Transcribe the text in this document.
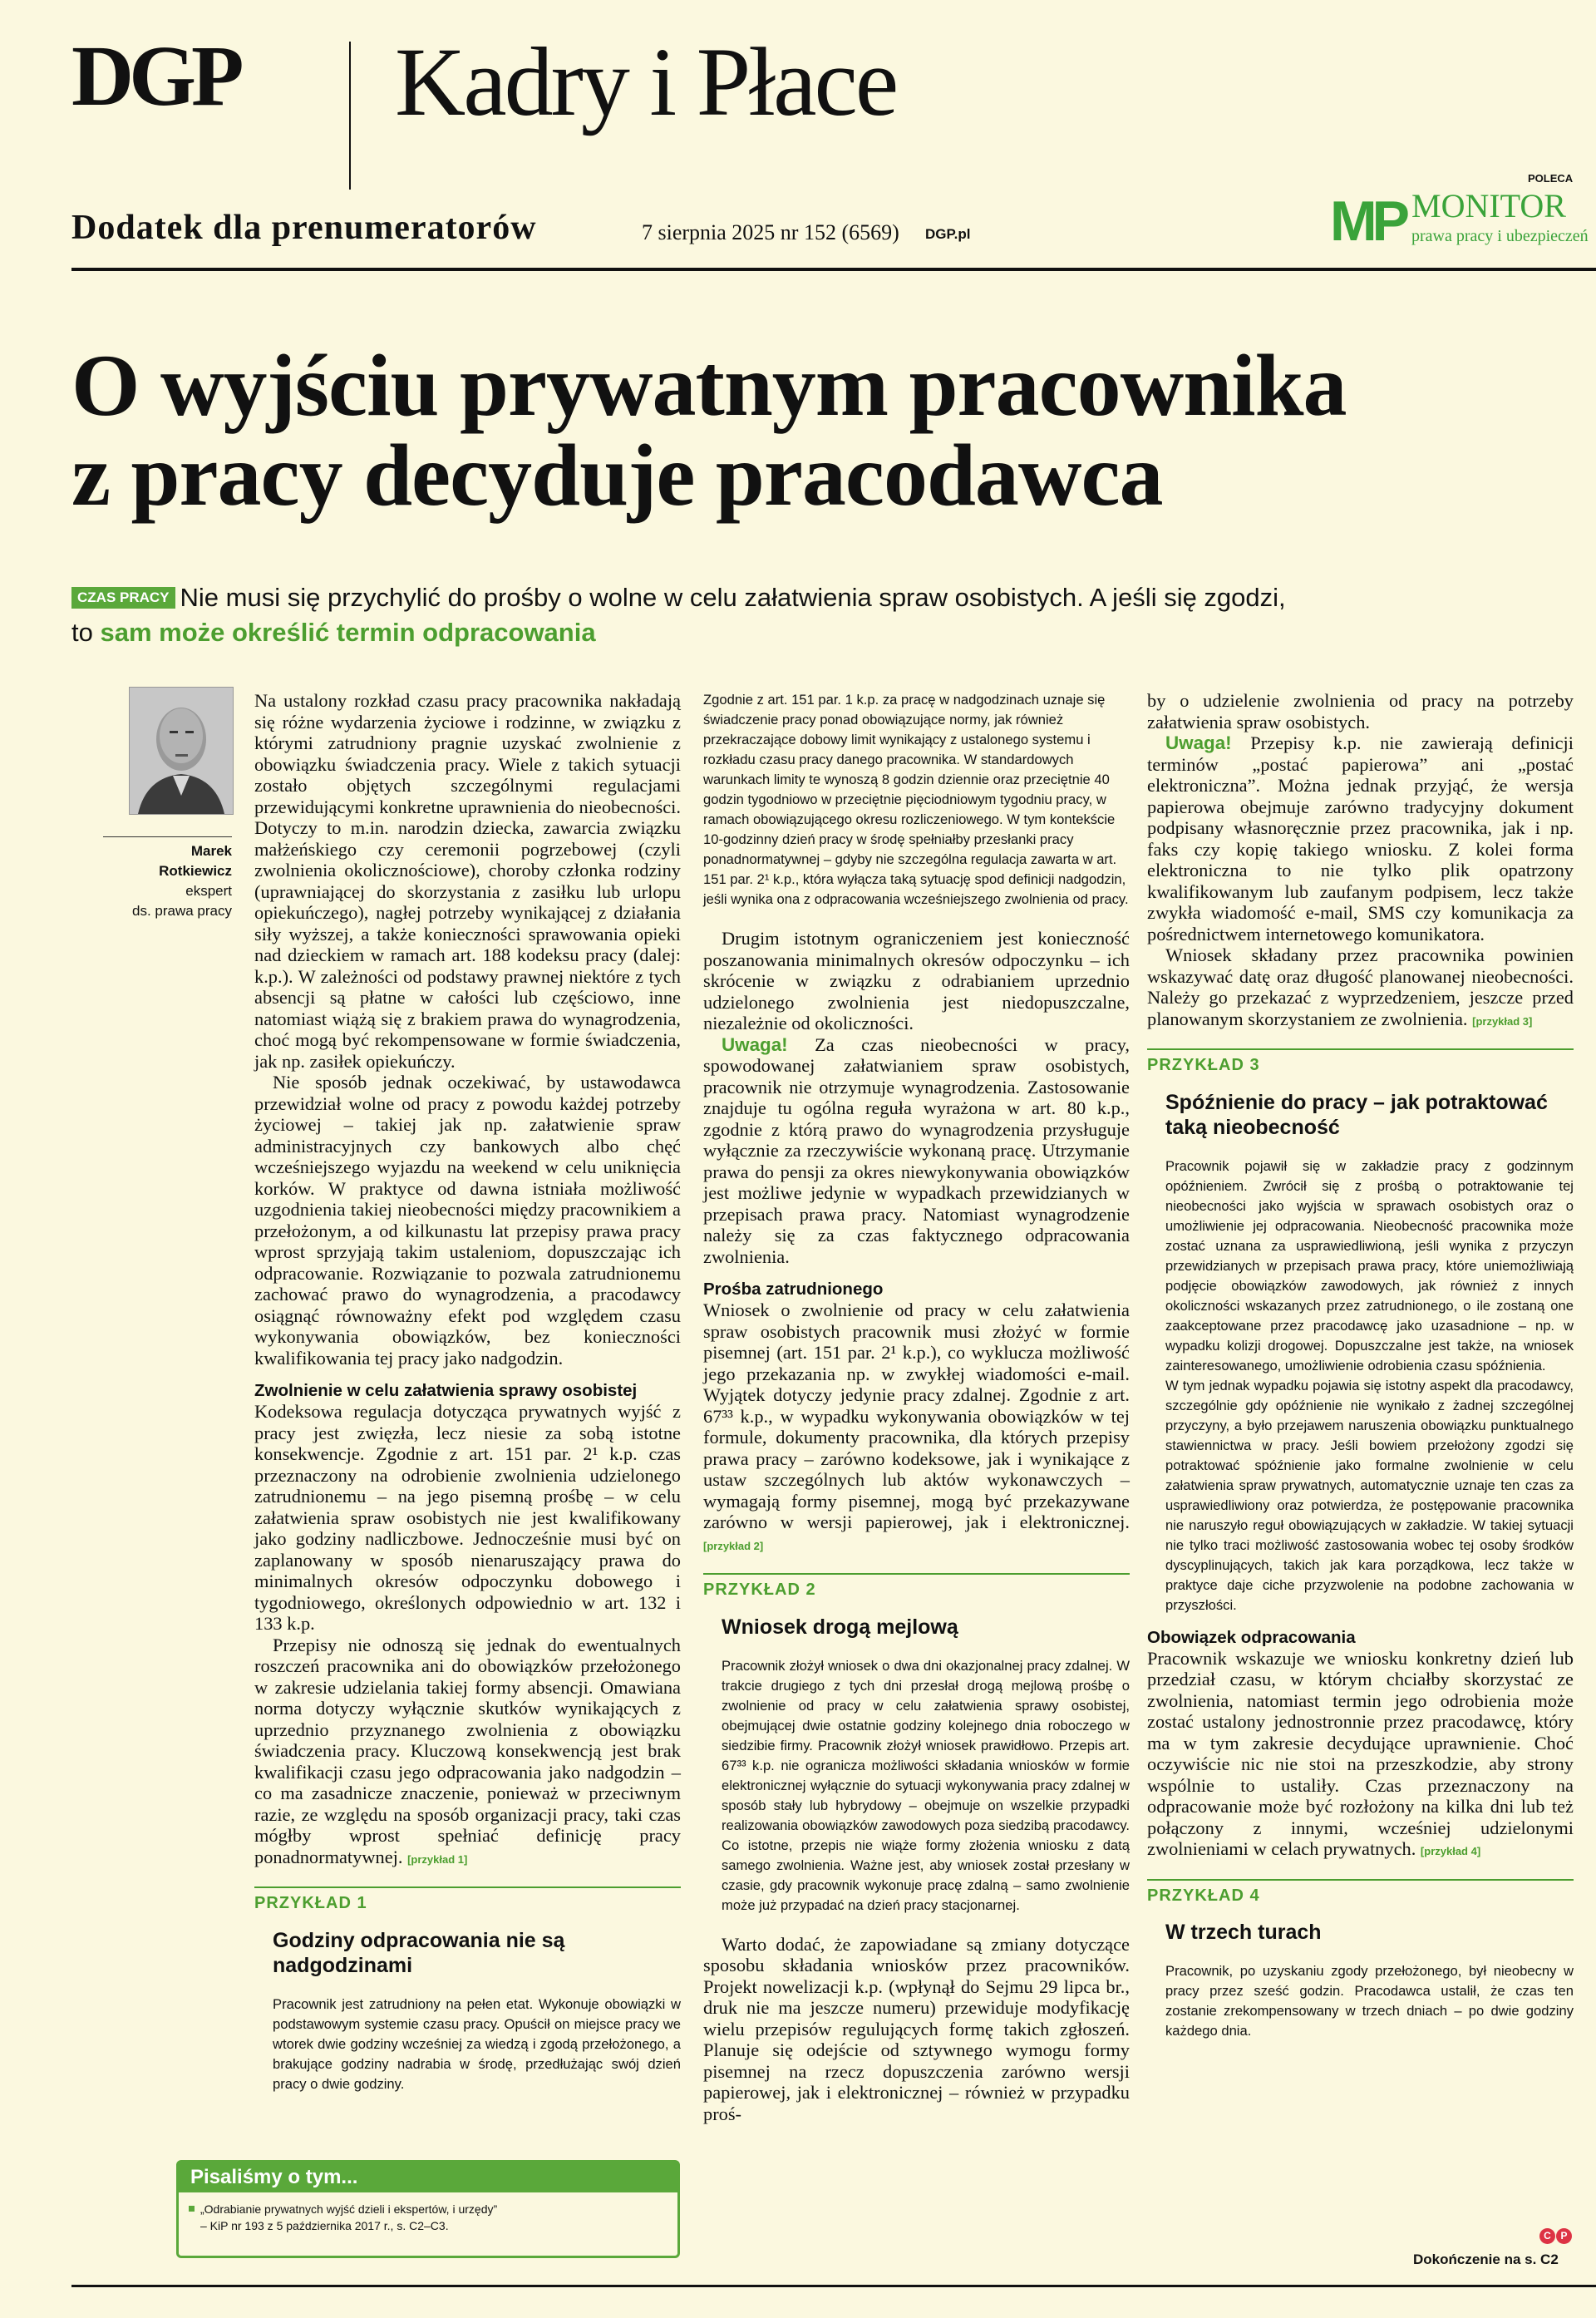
DGP Kadry i Płace
Dodatek dla prenumeratorów	7 sierpnia 2025 nr 152 (6569) DGP.pl
POLECA
MP MONITOR
prawa pracy i ubezpieczeń
O wyjściu prywatnym pracownika
z pracy decyduje pracodawca
CZAS PRACY Nie musi się przychylić do prośby o wolne w celu załatwienia spraw osobistych. A jeśli się zgodzi,
to sam może określić termin odpracowania
Marek
Rotkiewicz
ekspert
ds. prawa pracy

Na ustalony rozkład czasu pracy pracownika nakładają się różne wydarzenia życiowe i rodzinne, w związku z którymi zatrudniony pragnie uzyskać zwolnienie z obowiązku świadczenia pracy. Wiele z takich sytuacji zostało objętych szczególnymi regulacjami przewidującymi konkretne uprawnienia do nieobecności. Dotyczy to m.in. narodzin dziecka, zawarcia związku małżeńskiego czy ceremonii pogrzebowej (czyli zwolnienia okolicznościowe), choroby członka rodziny (uprawniającej do skorzystania z zasiłku lub urlopu opiekuńczego), nagłej potrzeby wynikającej z działania siły wyższej, a także konieczności sprawowania opieki nad dzieckiem w ramach art. 188 kodeksu pracy (dalej: k.p.). W zależności od podstawy prawnej niektóre z tych absencji są płatne w całości lub częściowo, inne natomiast wiążą się z brakiem prawa do wynagrodzenia, choć mogą być rekompensowane w formie świadczenia, jak np. zasiłek opiekuńczy.

Nie sposób jednak oczekiwać, by ustawodawca przewidział wolne od pracy z powodu każdej potrzeby życiowej – takiej jak np. załatwienie spraw administracyjnych czy bankowych albo chęć wcześniejszego wyjazdu na weekend w celu uniknięcia korków. W praktyce od dawna istniała możliwość uzgodnienia takiej nieobecności między pracownikiem a przełożonym, a od kilkunastu lat przepisy prawa pracy wprost sprzyjają takim ustaleniom, dopuszczając ich odpracowanie. Rozwiązanie to pozwala zatrudnionemu zachować prawo do wynagrodzenia, a pracodawcy osiągnąć równoważny efekt pod względem czasu wykonywania obowiązków, bez konieczności kwalifikowania tej pracy jako nadgodzin.

Zwolnienie w celu załatwienia sprawy osobistej

Kodeksowa regulacja dotycząca prywatnych wyjść z pracy jest zwięzła, lecz niesie za sobą istotne konsekwencje. Zgodnie z art. 151 par. 2¹ k.p. czas przeznaczony na odrobienie zwolnienia udzielonego zatrudnionemu – na jego pisemną prośbę – w celu załatwienia spraw osobistych nie jest kwalifikowany jako godziny nadliczbowe. Jednocześnie musi być on zaplanowany w sposób nienaruszający prawa do minimalnych okresów odpoczynku dobowego i tygodniowego, określonych odpowiednio w art. 132 i 133 k.p.

Przepisy nie odnoszą się jednak do ewentualnych roszczeń pracownika ani do obowiązków przełożonego w zakresie udzielania takiej formy absencji. Omawiana norma dotyczy wyłącznie skutków wynikających z uprzednio przyznanego zwolnienia z obowiązku świadczenia pracy. Kluczową konsekwencją jest brak kwalifikacji czasu jego odpracowania jako nadgodzin – co ma zasadnicze znaczenie, ponieważ w przeciwnym razie, ze względu na sposób organizacji pracy, taki czas mógłby wprost spełniać definicję pracy ponadnormatywnej. [przykład 1]

PRZYKŁAD 1
Godziny odpracowania nie są nadgodzinami

Pracownik jest zatrudniony na pełen etat. Wykonuje obowiązki w podstawowym systemie czasu pracy. Opuścił on miejsce pracy we wtorek dwie godziny wcześniej za wiedzą i zgodą przełożonego, a brakujące godziny nadrabia w środę, przedłużając swój dzień pracy o dwie godziny.

Pisaliśmy o tym...
„Odrabianie prywatnych wyjść dzieli i ekspertów, i urzędy”
– KiP nr 193 z 5 października 2017 r., s. C2–C3.

Zgodnie z art. 151 par. 1 k.p. za pracę w nadgodzinach uznaje się świadczenie pracy ponad obowiązujące normy, jak również przekraczające dobowy limit wynikający z ustalonego systemu i rozkładu czasu pracy danego pracownika. W standardowych warunkach limity te wynoszą 8 godzin dziennie oraz przeciętnie 40 godzin tygodniowo w przeciętnie pięciodniowym tygodniu pracy, w ramach obowiązującego okresu rozliczeniowego. W tym kontekście 10-godzinny dzień pracy w środę spełniałby przesłanki pracy ponadnormatywnej – gdyby nie szczególna regulacja zawarta w art. 151 par. 2¹ k.p., która wyłącza taką sytuację spod definicji nadgodzin, jeśli wynika ona z odpracowania wcześniejszego zwolnienia od pracy.

Drugim istotnym ograniczeniem jest konieczność poszanowania minimalnych okresów odpoczynku – ich skrócenie w związku z odrabianiem uprzednio udzielonego zwolnienia jest niedopuszczalne, niezależnie od okoliczności.

Uwaga! Za czas nieobecności w pracy, spowodowanej załatwianiem spraw osobistych, pracownik nie otrzymuje wynagrodzenia. Zastosowanie znajduje tu ogólna reguła wyrażona w art. 80 k.p., zgodnie z którą prawo do wynagrodzenia przysługuje wyłącznie za rzeczywiście wykonaną pracę. Utrzymanie prawa do pensji za okres niewykonywania obowiązków jest możliwe jedynie w wypadkach przewidzianych w przepisach prawa pracy. Natomiast wynagrodzenie należy się za czas faktycznego odpracowania zwolnienia.

Prośba zatrudnionego

Wniosek o zwolnienie od pracy w celu załatwienia spraw osobistych pracownik musi złożyć w formie pisemnej (art. 151 par. 2¹ k.p.), co wyklucza możliwość jego przekazania np. w zwykłej wiadomości e-mail. Wyjątek dotyczy jedynie pracy zdalnej. Zgodnie z art. 67³³ k.p., w wypadku wykonywania obowiązków w tej formule, dokumenty pracownika, dla których przepisy prawa pracy – zarówno kodeksowe, jak i wynikające z ustaw szczególnych lub aktów wykonawczych – wymagają formy pisemnej, mogą być przekazywane zarówno w wersji papierowej, jak i elektronicznej. [przykład 2]

PRZYKŁAD 2
Wniosek drogą mejlową

Pracownik złożył wniosek o dwa dni okazjonalnej pracy zdalnej. W trakcie drugiego z tych dni przesłał drogą mejlową prośbę o zwolnienie od pracy w celu załatwienia sprawy osobistej, obejmującej dwie ostatnie godziny kolejnego dnia roboczego w siedzibie firmy. Pracownik złożył wniosek prawidłowo. Przepis art. 67³³ k.p. nie ogranicza możliwości składania wniosków w formie elektronicznej wyłącznie do sytuacji wykonywania pracy zdalnej w sposób stały lub hybrydowy – obejmuje on wszelkie przypadki realizowania obowiązków zawodowych poza siedzibą pracodawcy. Co istotne, przepis nie wiąże formy złożenia wniosku z datą samego zwolnienia. Ważne jest, aby wniosek został przesłany w czasie, gdy pracownik wykonuje pracę zdalną – samo zwolnienie może już przypadać na dzień pracy stacjonarnej.

Warto dodać, że zapowiadane są zmiany dotyczące sposobu składania wniosków przez pracowników. Projekt nowelizacji k.p. (wpłynął do Sejmu 29 lipca br., druk nie ma jeszcze numeru) przewiduje modyfikację wielu przepisów regulujących formę takich zgłoszeń. Planuje się odejście od sztywnego wymogu formy pisemnej na rzecz dopuszczenia zarówno wersji papierowej, jak i elektronicznej – również w przypadku proś-

by o udzielenie zwolnienia od pracy na potrzeby załatwienia spraw osobistych.

Uwaga! Przepisy k.p. nie zawierają definicji terminów „postać papierowa” ani „postać elektroniczna”. Można jednak przyjąć, że wersja papierowa obejmuje zarówno tradycyjny dokument podpisany własnoręcznie przez pracownika, jak i np. faks czy kopię takiego wniosku. Z kolei forma elektroniczna to nie tylko plik opatrzony kwalifikowanym lub zaufanym podpisem, lecz także zwykła wiadomość e-mail, SMS czy komunikacja za pośrednictwem internetowego komunikatora.

Wniosek składany przez pracownika powinien wskazywać datę oraz długość planowanej nieobecności. Należy go przekazać z wyprzedzeniem, jeszcze przed planowanym skorzystaniem ze zwolnienia. [przykład 3]

PRZYKŁAD 3
Spóźnienie do pracy – jak potraktować taką nieobecność

Pracownik pojawił się w zakładzie pracy z godzinnym opóźnieniem. Zwrócił się z prośbą o potraktowanie tej nieobecności jako wyjścia w sprawach osobistych oraz o umożliwienie jej odpracowania. Nieobecność pracownika może zostać uznana za usprawiedliwioną, jeśli wynika z przyczyn przewidzianych w przepisach prawa pracy, które uniemożliwiają podjęcie obowiązków zawodowych, jak również z innych okoliczności wskazanych przez zatrudnionego, o ile zostaną one zaakceptowane przez pracodawcę jako uzasadnione – np. w wypadku kolizji drogowej. Dopuszczalne jest także, na wniosek zainteresowanego, umożliwienie odrobienia czasu spóźnienia.

W tym jednak wypadku pojawia się istotny aspekt dla pracodawcy, szczególnie gdy opóźnienie nie wynikało z żadnej szczególnej przyczyny, a było przejawem naruszenia obowiązku punktualnego stawiennictwa w pracy. Jeśli bowiem przełożony zgodzi się potraktować spóźnienie jako formalne zwolnienie w celu załatwienia spraw prywatnych, automatycznie uznaje ten czas za usprawiedliwiony oraz potwierdza, że postępowanie pracownika nie naruszyło reguł obowiązujących w zakładzie. W takiej sytuacji nie tylko traci możliwość zastosowania wobec tej osoby środków dyscyplinujących, takich jak kara porządkowa, lecz także w praktyce daje ciche przyzwolenie na podobne zachowania w przyszłości.

Obowiązek odpracowania

Pracownik wskazuje we wniosku konkretny dzień lub przedział czasu, w którym chciałby skorzystać ze zwolnienia, natomiast termin jego odrobienia może zostać ustalony jednostronnie przez pracodawcę, który ma w tym zakresie decydujące uprawnienie. Choć oczywiście nic nie stoi na przeszkodzie, aby strony wspólnie to ustaliły. Czas przeznaczony na odpracowanie może być rozłożony na kilka dni lub też połączony z innymi, wcześniej udzielonymi zwolnieniami w celach prywatnych. [przykład 4]

PRZYKŁAD 4
W trzech turach

Pracownik, po uzyskaniu zgody przełożonego, był nieobecny w pracy przez sześć godzin. Pracodawca ustalił, że czas ten zostanie zrekompensowany w trzech dniach – po dwie godziny każdego dnia.

C P
Dokończenie na s. C2
